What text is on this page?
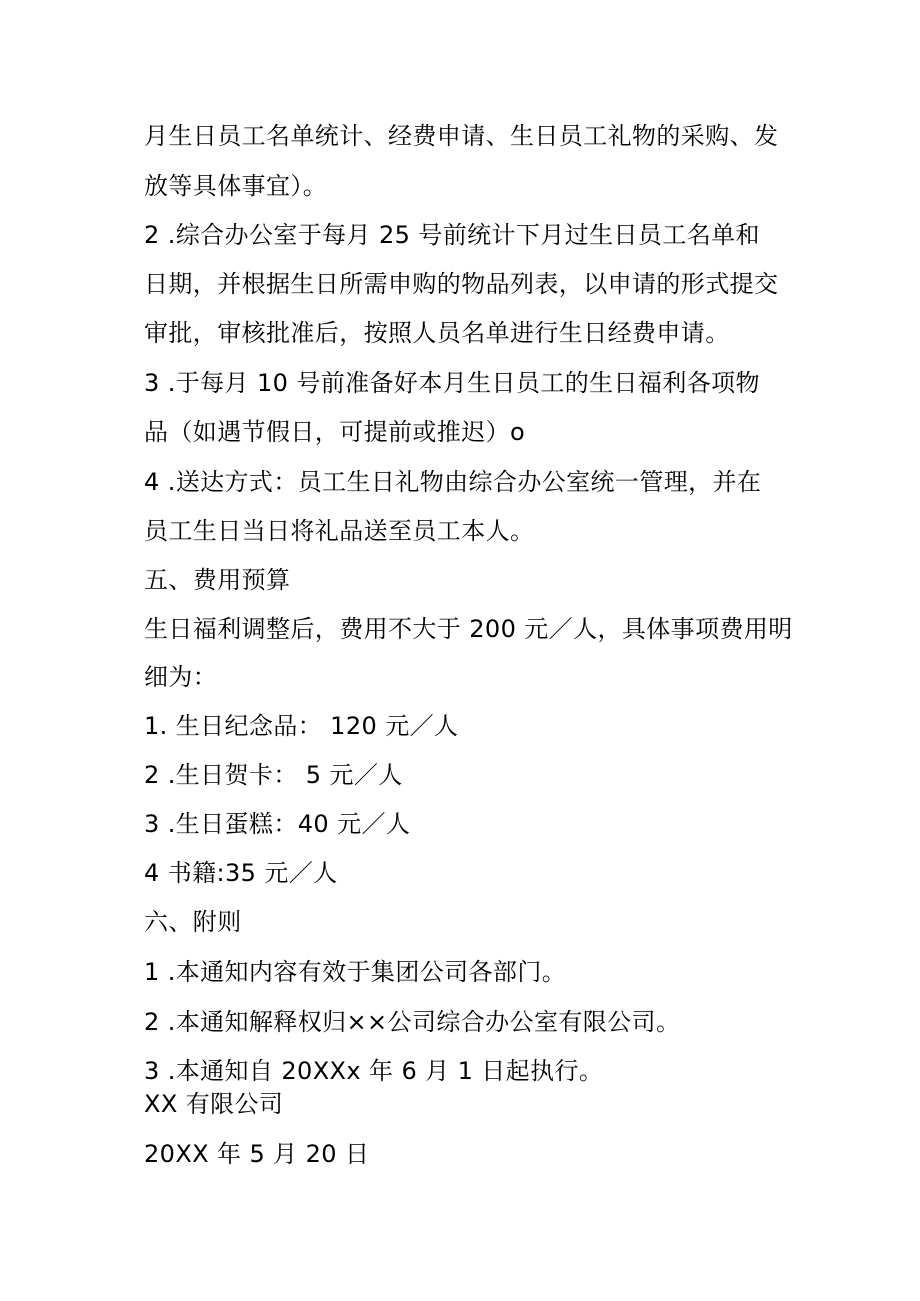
月生日员工名单统计、经费申请、生日员工礼物的采购、发
放等具体事宜）。
2 .综合办公室于每月 25 号前统计下月过生日员工名单和
日期，并根据生日所需申购的物品列表，以申请的形式提交
审批，审核批准后，按照人员名单进行生日经费申请。
3 .于每月 10 号前准备好本月生日员工的生日福利各项物
品（如遇节假日，可提前或推迟）o
4 .送达方式：员工生日礼物由综合办公室统一管理，并在
员工生日当日将礼品送至员工本人。
五、费用预算
生日福利调整后，费用不大于 200 元／人，具体事项费用明
细为：
1. 生日纪念品： 120 元／人
2 .生日贺卡： 5 元／人
3 .生日蛋糕：40 元／人
4 书籍:35 元／人
六、附则
1 .本通知内容有效于集团公司各部门。
2 .本通知解释权归××公司综合办公室有限公司。
3 .本通知自 20XXx 年 6 月 1 日起执行。
XX 有限公司
20XX 年 5 月 20 日
